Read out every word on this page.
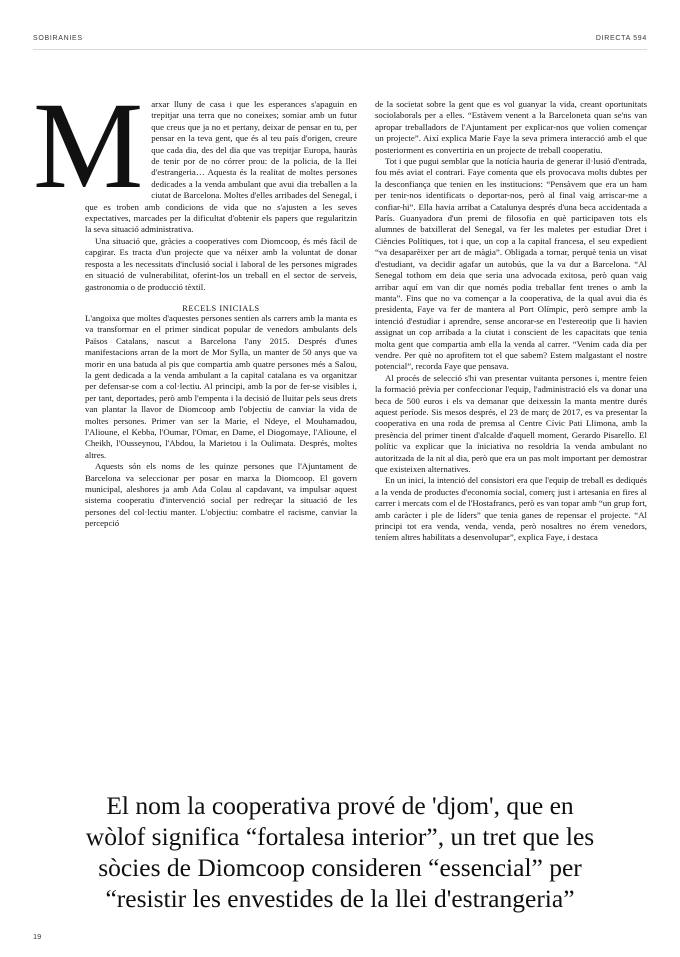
SOBIRANIES	DIRECTA 594

Marxar lluny de casa i que les esperances s'apaguin en trepitjar una terra que no coneixes; somiar amb un futur que creus que ja no et pertany, deixar de pensar en tu, per pensar en la teva gent, que és al teu país d'origen, creure que cada dia, des del dia que vas trepitjar Europa, hauràs de tenir por de no córrer prou: de la policia, de la llei d'estrangeria… Aquesta és la realitat de moltes persones dedicades a la venda ambulant que avui dia treballen a la ciutat de Barcelona. Moltes d'elles arribades del Senegal, i que es troben amb condicions de vida que no s'ajusten a les seves expectatives, marcades per la dificultat d'obtenir els papers que regularitzin la seva situació administrativa.

Una situació que, gràcies a cooperatives com Diomcoop, és més fàcil de capgirar. Es tracta d'un projecte que va néixer amb la voluntat de donar resposta a les necessitats d'inclusió social i laboral de les persones migrades en situació de vulnerabilitat, oferint-los un treball en el sector de serveis, gastronomia o de producció tèxtil.

RECELS INICIALS

L'angoixa que moltes d'aquestes persones sentien als carrers amb la manta es va transformar en el primer sindicat popular de venedors ambulants dels Països Catalans, nascut a Barcelona l'any 2015. Després d'unes manifestacions arran de la mort de Mor Sylla, un manter de 50 anys que va morir en una batuda al pis que compartia amb quatre persones més a Salou, la gent dedicada a la venda ambulant a la capital catalana es va organitzar per defensar-se com a col·lectiu. Al principi, amb la por de fer-se visibles i, per tant, deportades, però amb l'empenta i la decisió de lluitar pels seus drets van plantar la llavor de Diomcoop amb l'objectiu de canviar la vida de moltes persones. Primer van ser la Marie, el Ndeye, el Mouhamadou, l'Alioune, el Kebba, l'Oumar, l'Omar, en Dame, el Diogomaye, l'Alioune, el Cheikh, l'Ousseynou, l'Abdou, la Marietou i la Oulimata. Després, moltes altres.

Aquests són els noms de les quinze persones que l'Ajuntament de Barcelona va seleccionar per posar en marxa la Diomcoop. El govern municipal, aleshores ja amb Ada Colau al capdavant, va impulsar aquest sistema cooperatiu d'intervenció social per redreçar la situació de les persones del col·lectiu manter. L'objectiu: combatre el racisme, canviar la percepció

de la societat sobre la gent que es vol guanyar la vida, creant oportunitats sociolaborals per a elles. “Estàvem venent a la Barceloneta quan se'ns van apropar treballadors de l'Ajuntament per explicar-nos que volien començar un projecte”. Així explica Marie Faye la seva primera interacció amb el que posteriorment es convertiria en un projecte de treball cooperatiu.

Tot i que pugui semblar que la notícia hauria de generar il·lusió d'entrada, fou més aviat el contrari. Faye comenta que els provocava molts dubtes per la desconfiança que tenien en les institucions: “Pensàvem que era un ham per tenir-nos identificats o deportar-nos, però al final vaig arriscar-me a confiar-hi”. Ella havia arribat a Catalunya després d'una beca accidentada a París. Guanyadora d'un premi de filosofia en què participaven tots els alumnes de batxillerat del Senegal, va fer les maletes per estudiar Dret i Ciències Polítiques, tot i que, un cop a la capital francesa, el seu expedient “va desaparèixer per art de màgia”. Obligada a tornar, perquè tenia un visat d'estudiant, va decidir agafar un autobús, que la va dur a Barcelona. “Al Senegal tothom em deia que seria una advocada exitosa, però quan vaig arribar aquí em van dir que només podia treballar fent trenes o amb la manta”. Fins que no va començar a la cooperativa, de la qual avui dia és presidenta, Faye va fer de mantera al Port Olímpic, però sempre amb la intenció d'estudiar i aprendre, sense ancorar-se en l'estereotip que li havien assignat un cop arribada a la ciutat i conscient de les capacitats que tenia molta gent que compartia amb ella la venda al carrer. “Venim cada dia per vendre. Per què no aprofitem tot el que sabem? Estem malgastant el nostre potencial”, recorda Faye que pensava.

Al procés de selecció s'hi van presentar vuitanta persones i, mentre feien la formació prèvia per confeccionar l'equip, l'administració els va donar una beca de 500 euros i els va demanar que deixessin la manta mentre durés aquest període. Sis mesos després, el 23 de març de 2017, es va presentar la cooperativa en una roda de premsa al Centre Cívic Pati Llimona, amb la presència del primer tinent d'alcalde d'aquell moment, Gerardo Pisarello. El polític va explicar que la iniciativa no resoldria la venda ambulant no autoritzada de la nit al dia, però que era un pas molt important per demostrar que existeixen alternatives.

En un inici, la intenció del consistori era que l'equip de treball es dediqués a la venda de productes d'economia social, comerç just i artesania en fires al carrer i mercats com el de l'Hostafrancs, però es van topar amb “un grup fort, amb caràcter i ple de líders” que tenia ganes de repensar el projecte. “Al principi tot era venda, venda, venda, però nosaltres no érem venedors, teníem altres habilitats a desenvolupar”, explica Faye, i destaca

El nom la cooperativa prové de 'djom', que en
wòlof significa “fortalesa interior”, un tret que les
sòcies de Diomcoop consideren “essencial” per
“resistir les envestides de la llei d'estrangeria”
19
